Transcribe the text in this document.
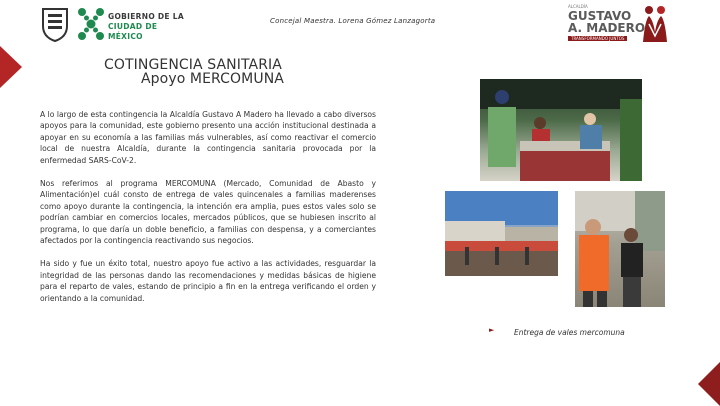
GOBIERNO DE LA
CIUDAD DE MÉXICO
Concejal Maestra. Lorena Gómez Lanzagorta
ALCALDÍA
GUSTAVO
A. MADERO
TRANSFORMANDO JUNTOS
COTINGENCIA SANITARIA
Apoyo MERCOMUNA

A lo largo de esta contingencia la Alcaldía Gustavo A Madero ha llevado a cabo diversos apoyos para la comunidad, este gobierno presento una acción institucional destinada a apoyar en su economía a las familias más vulnerables, así como reactivar el comercio local de nuestra Alcaldía, durante la contingencia sanitaria provocada por la enfermedad SARS-CoV-2.

Nos referimos al programa MERCOMUNA (Mercado, Comunidad de Abasto y Alimentación)el cuál consto de entrega de vales quincenales a familias maderenses como apoyo durante la contingencia, la intención era amplia, pues estos vales solo se podrían cambiar en comercios locales, mercados públicos, que se hubiesen inscrito al programa, lo que daría un doble beneficio, a familias con despensa, y a comerciantes afectados por la contingencia reactivando sus negocios.

Ha sido y fue un éxito total, nuestro apoyo fue activo a las actividades, resguardar la integridad de las personas dando las recomendaciones y medidas básicas de higiene para el reparto de vales, estando de principio a fin en la entrega verificando el orden y orientando a la comunidad.

►	Entrega de vales mercomuna
